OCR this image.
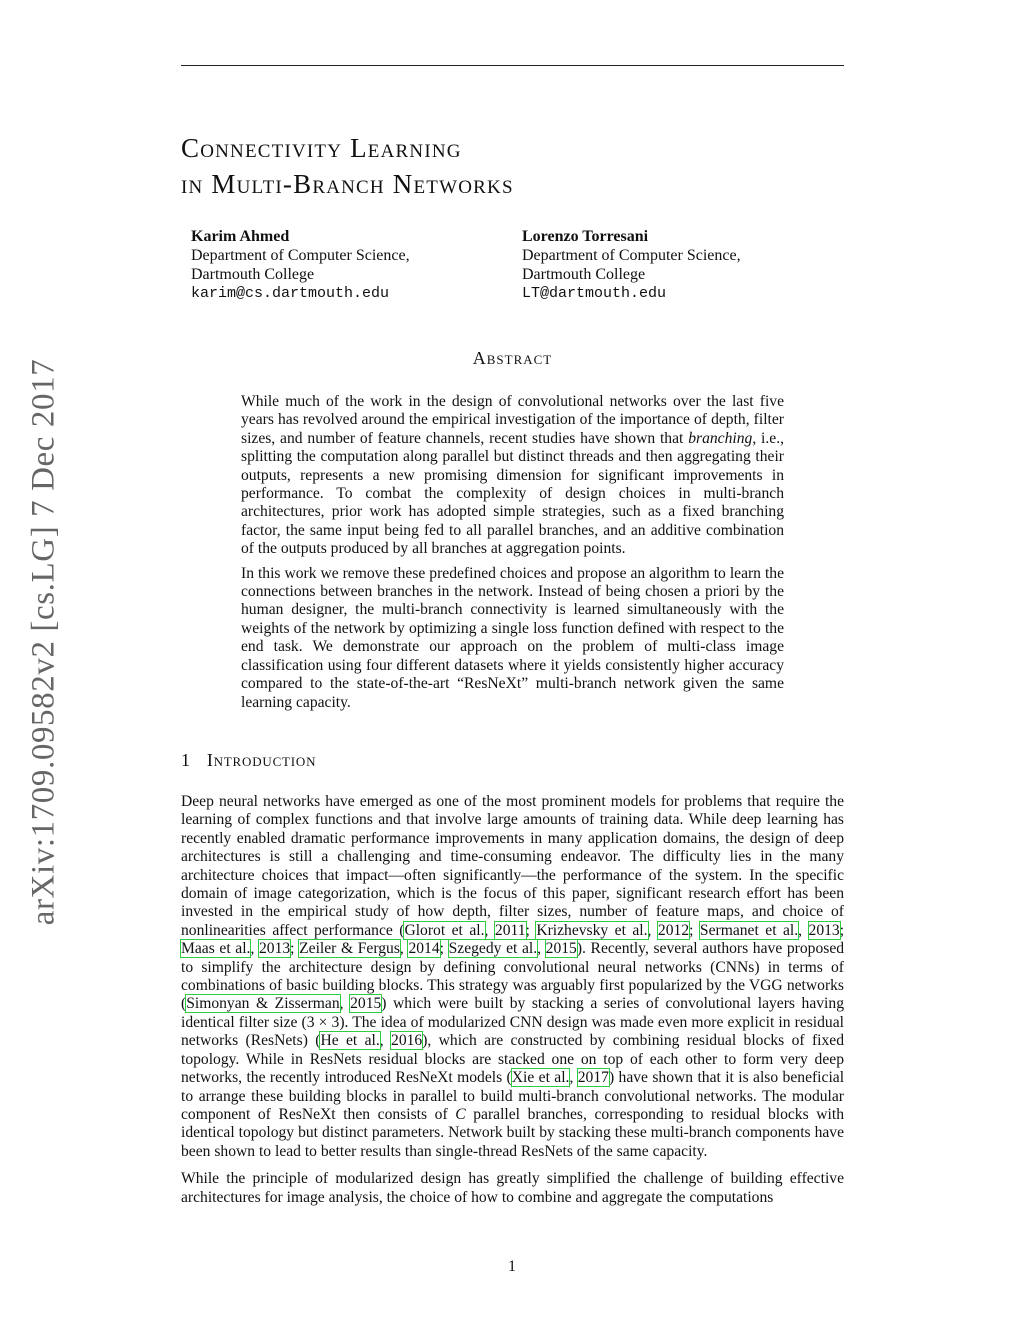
arXiv:1709.09582v2 [cs.LG] 7 Dec 2017
Connectivity Learning
in Multi-Branch Networks
Karim Ahmed
Department of Computer Science,
Dartmouth College
karim@cs.dartmouth.edu
Lorenzo Torresani
Department of Computer Science,
Dartmouth College
LT@dartmouth.edu
Abstract

While much of the work in the design of convolutional networks over the last five years has revolved around the empirical investigation of the importance of depth, filter sizes, and number of feature channels, recent studies have shown that branching, i.e., splitting the computation along parallel but distinct threads and then aggregating their outputs, represents a new promising dimension for significant improvements in performance. To combat the complexity of design choices in multi-branch architectures, prior work has adopted simple strategies, such as a fixed branching factor, the same input being fed to all parallel branches, and an additive combination of the outputs produced by all branches at aggregation points.

In this work we remove these predefined choices and propose an algorithm to learn the connections between branches in the network. Instead of being chosen a priori by the human designer, the multi-branch connectivity is learned simultaneously with the weights of the network by optimizing a single loss function defined with respect to the end task. We demonstrate our approach on the problem of multi-class image classification using four different datasets where it yields consistently higher accuracy compared to the state-of-the-art “ResNeXt” multi-branch network given the same learning capacity.

1 Introduction

Deep neural networks have emerged as one of the most prominent models for problems that require the learning of complex functions and that involve large amounts of training data. While deep learning has recently enabled dramatic performance improvements in many application domains, the design of deep architectures is still a challenging and time-consuming endeavor. The difficulty lies in the many architecture choices that impact—often significantly—the performance of the system. In the specific domain of image categorization, which is the focus of this paper, significant research effort has been invested in the empirical study of how depth, filter sizes, number of feature maps, and choice of nonlinearities affect performance (Glorot et al., 2011; Krizhevsky et al., 2012; Sermanet et al., 2013; Maas et al., 2013; Zeiler & Fergus, 2014; Szegedy et al., 2015). Recently, several authors have proposed to simplify the architecture design by defining convolutional neural networks (CNNs) in terms of combinations of basic building blocks. This strategy was arguably first popularized by the VGG networks (Simonyan & Zisserman, 2015) which were built by stacking a series of convolutional layers having identical filter size (3 × 3). The idea of modularized CNN design was made even more explicit in residual networks (ResNets) (He et al., 2016), which are constructed by combining residual blocks of fixed topology. While in ResNets residual blocks are stacked one on top of each other to form very deep networks, the recently introduced ResNeXt models (Xie et al., 2017) have shown that it is also beneficial to arrange these building blocks in parallel to build multi-branch convolutional networks. The modular component of ResNeXt then consists of C parallel branches, corresponding to residual blocks with identical topology but distinct parameters. Network built by stacking these multi-branch components have been shown to lead to better results than single-thread ResNets of the same capacity.

While the principle of modularized design has greatly simplified the challenge of building effective architectures for image analysis, the choice of how to combine and aggregate the computations

1
